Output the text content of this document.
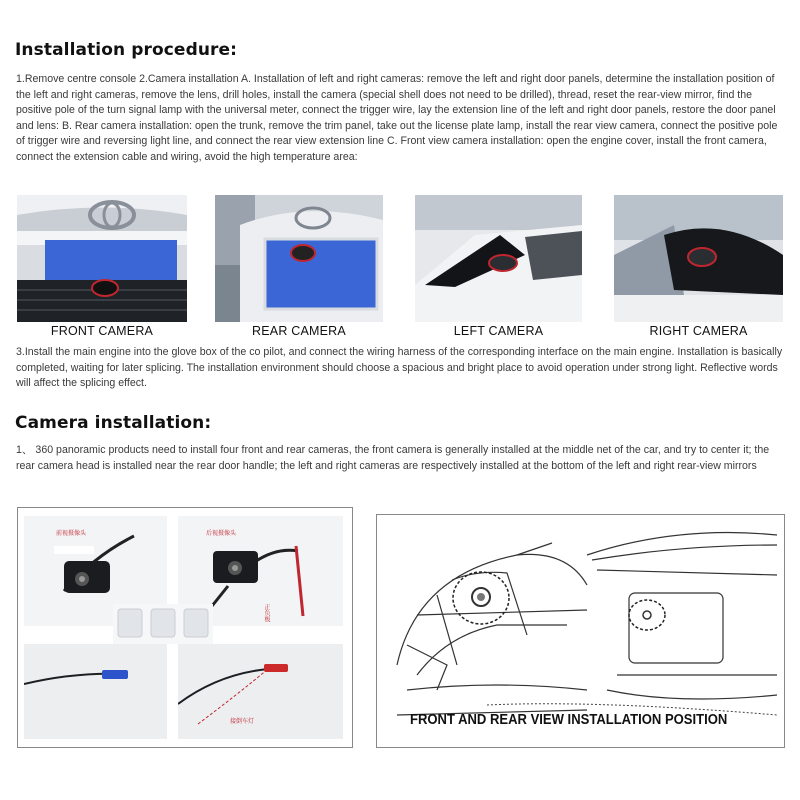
Installation procedure:
1.Remove centre console 2.Camera installation A. Installation of left and right cameras: remove the left and right door panels, determine the installation position of the left and right cameras, remove the lens, drill holes, install the camera (special shell does not need to be drilled), thread, reset the rear-view mirror, find the positive pole of the turn signal lamp with the universal meter, connect the trigger wire, lay the extension line of the left and right door panels, restore the door panel and lens: B. Rear camera installation: open the trunk, remove the trim panel, take out the license plate lamp, install the rear view camera, connect the positive pole of trigger wire and reversing light line, and connect the rear view extension line C. Front view camera installation: open the engine cover, install the front camera, connect the extension cable and wiring, avoid the high temperature area:
FRONT CAMERA	REAR CAMERA	LEFT CAMERA	RIGHT CAMERA
3.Install the main engine into the glove box of the co pilot, and connect the wiring harness of the corresponding interface on the main engine. Installation is basically completed, waiting for later splicing. The installation environment should choose a spacious and bright place to avoid operation under strong light. Reflective words will affect the splicing effect.
Camera installation:
1、 360 panoramic products need to install four front and rear cameras, the front camera is generally installed at the middle net of the car, and try to center it; the rear camera head is installed near the rear door handle; the left and right cameras are respectively installed at the bottom of the left and right rear-view mirrors
前视摄像头	后视摄像头
正负极
接倒车灯	FRONT AND REAR VIEW INSTALLATION POSITION
